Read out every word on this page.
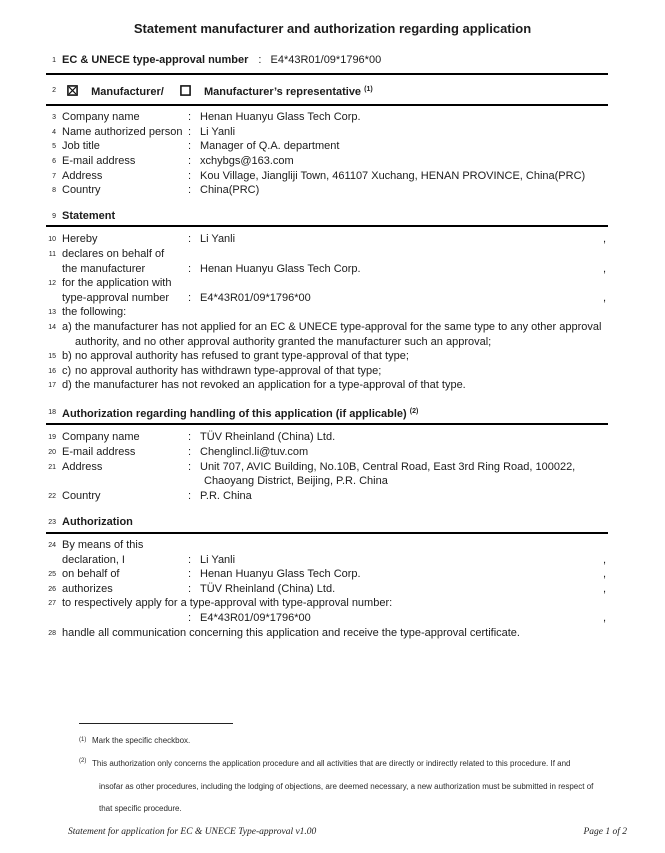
Statement manufacturer and authorization regarding application
1 EC & UNECE type-approval number : E4*43R01/09*1796*00
2	Manufacturer/	Manufacturer’s representative $^{(1)}$
3 Company name	: Henan Huanyu Glass Tech Corp.
4 Name authorized person : Li Yanli
5 Job title	: Manager of Q.A. department
6 E-mail address	: xchybgs@163.com
7 Address	: Kou Village, Jiangliji Town, 461107 Xuchang, HENAN PROVINCE, China(PRC)
8 Country	: China(PRC)
9 Statement
10 Hereby	: Li Yanli	,
11 declares on behalf of
the manufacturer	: Henan Huanyu Glass Tech Corp.	,
12 for the application with
type-approval number	: E4*43R01/09*1796*00	,
13 the following:
14 a) the manufacturer has not applied for an EC & UNECE type-approval for the same type to any other approval
authority, and no other approval authority granted the manufacturer such an approval;
15 b) no approval authority has refused to grant type-approval of that type;
16 c) no approval authority has withdrawn type-approval of that type;
17 d) the manufacturer has not revoked an application for a type-approval of that type.
18 Authorization regarding handling of this application (if applicable) $^{(2)}$
19 Company name	: TÜV Rheinland (China) Ltd.
20 E-mail address	: Chenglincl.li@tuv.com
21 Address	: Unit 707, AVIC Building, No.10B, Central Road, East 3rd Ring Road, 100022,
Chaoyang District, Beijing, P.R. China
22 Country	: P.R. China
23 Authorization
24 By means of this
declaration, I	: Li Yanli	,
25 on behalf of	: Henan Huanyu Glass Tech Corp.	,
26 authorizes	: TÜV Rheinland (China) Ltd.	,
27 to respectively apply for a type-approval with type-approval number:
: E4*43R01/09*1796*00	,
28 handle all communication concerning this application and receive the type-approval certificate.
(1) Mark the specific checkbox.
(2) This authorization only concerns the application procedure and all activities that are directly or indirectly related to this procedure. If and
insofar as other procedures, including the lodging of objections, are deemed necessary, a new authorization must be submitted in respect of
that specific procedure.
Statement for application for EC & UNECE Type-approval v1.00	Page 1 of 2
